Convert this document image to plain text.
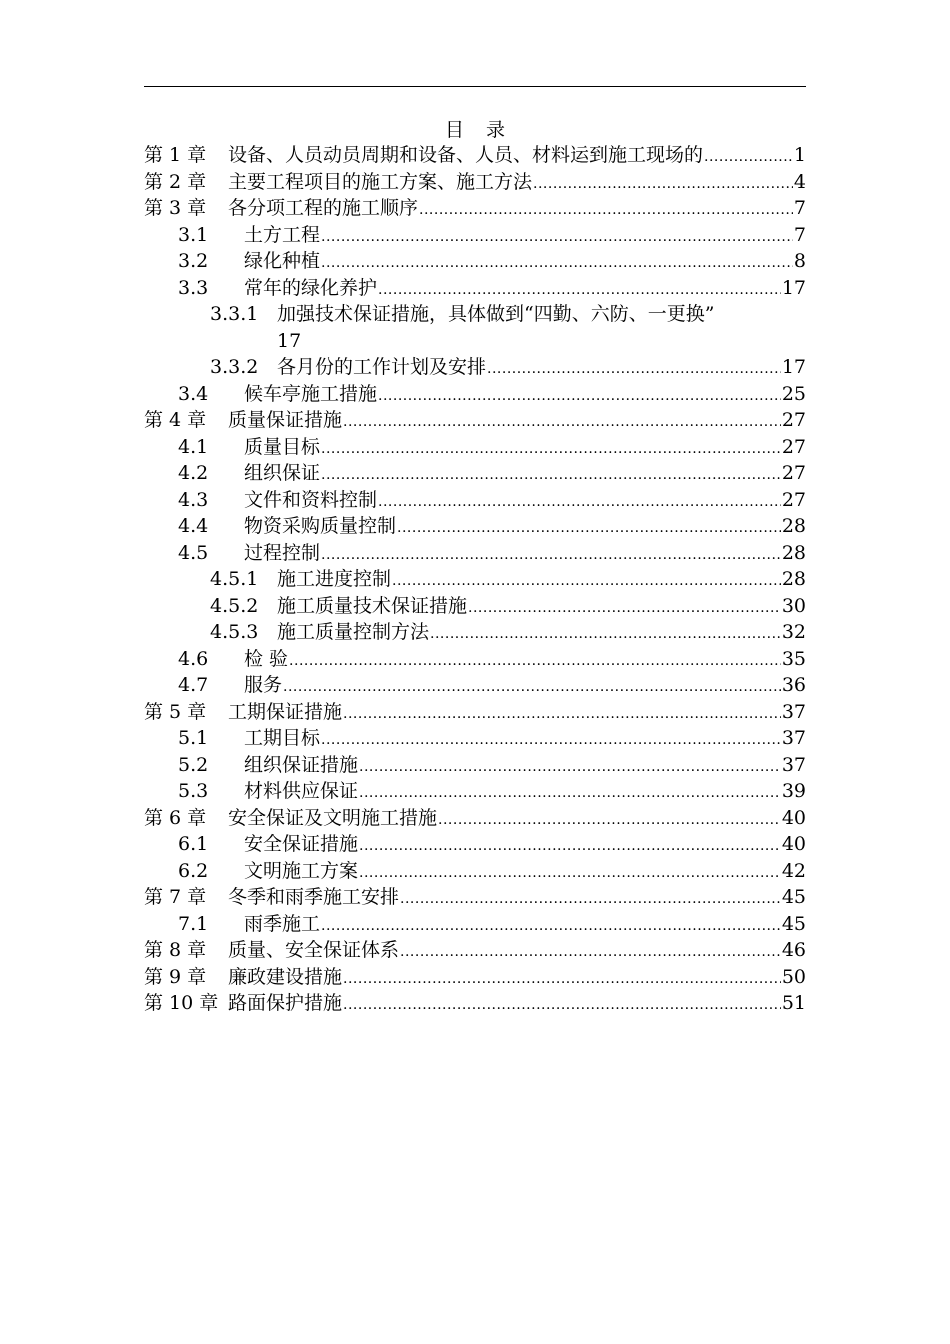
目 录
第 1 章	设备、人员动员周期和设备、人员、材料运到施工现场的 .....	1
第 2 章	主要工程项目的施工方案、施工方法 .....	4
第 3 章	各分项工程的施工顺序 .....	7
3.1	土方工程 .....	7
3.2	绿化种植 .....	8
3.3	常年的绿化养护 .....	17
3.3.1 加强技术保证措施，具体做到“四勤、六防、一更换”
17
3.3.2 各月份的工作计划及安排 .....	17
3.4	候车亭施工措施 .....	25
第 4 章	质量保证措施 .....	27
4.1	质量目标 .....	27
4.2	组织保证 .....	27
4.3	文件和资料控制 .....	27
4.4	物资采购质量控制 .....	28
4.5	过程控制 .....	28
4.5.1 施工进度控制 .....	28
4.5.2 施工质量技术保证措施 .....	30
4.5.3 施工质量控制方法 .....	32
4.6	检 验 .....	35
4.7	服务 .....	36
第 5 章	工期保证措施 .....	37
5.1	工期目标 .....	37
5.2	组织保证措施 .....	37
5.3	材料供应保证 .....	39
第 6 章	安全保证及文明施工措施 .....	40
6.1	安全保证措施 .....	40
6.2	文明施工方案 .....	42
第 7 章	冬季和雨季施工安排 .....	45
7.1	雨季施工 .....	45
第 8 章	质量、安全保证体系 .....	46
第 9 章	廉政建设措施 .....	50
第 10 章 路面保护措施 .....	51
